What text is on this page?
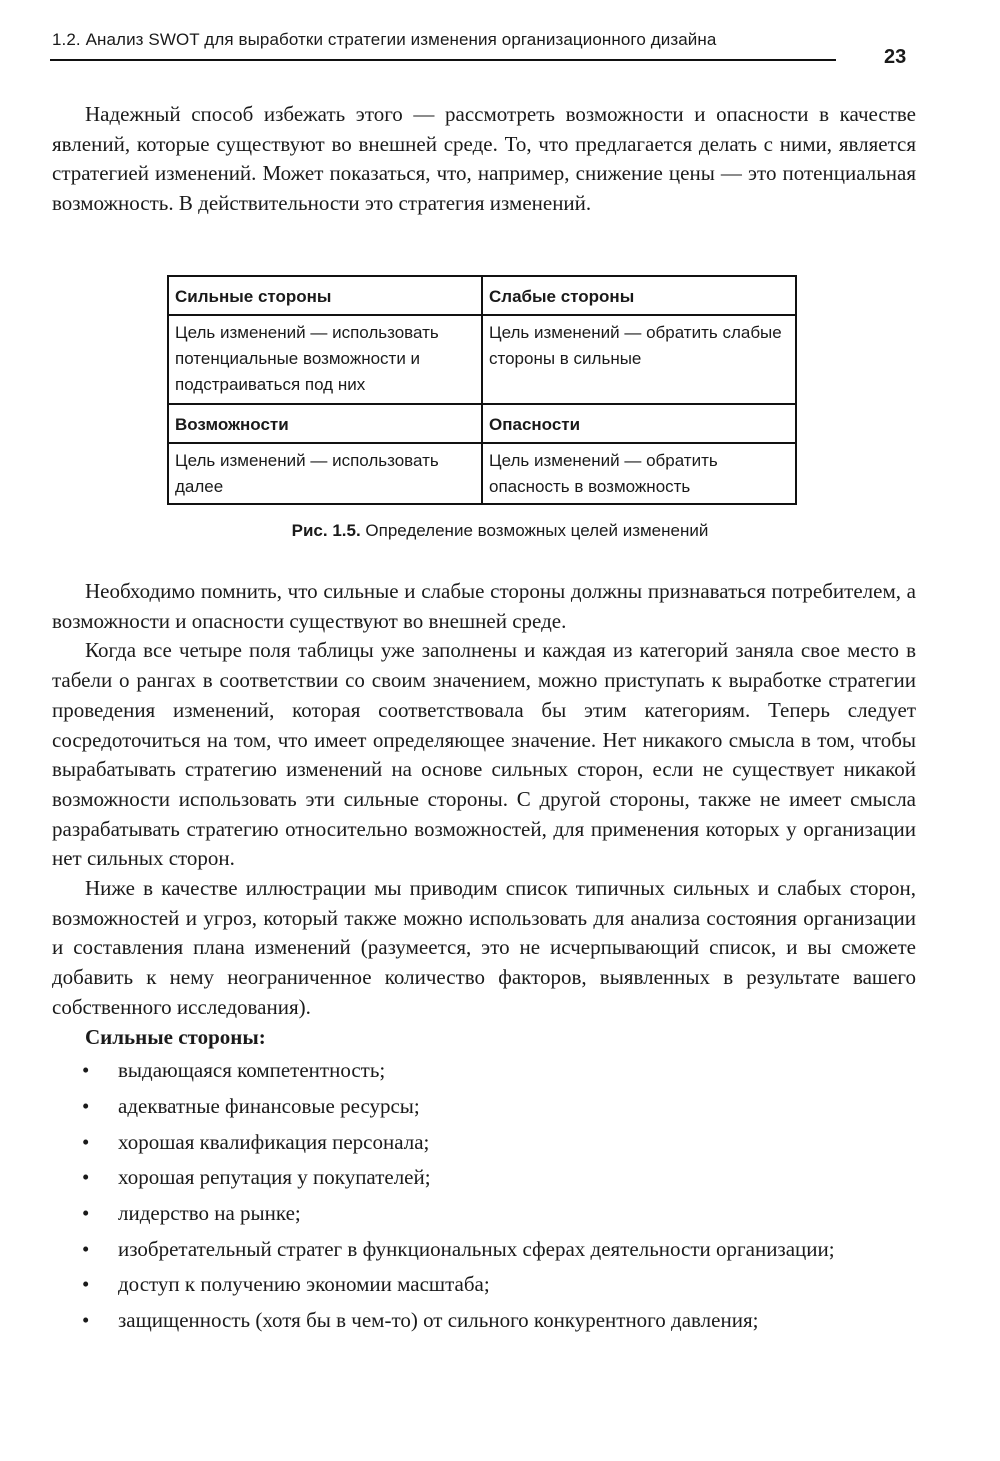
1.2. Анализ SWOT для выработки стратегии изменения организационного дизайна
23

Надежный способ избежать этого — рассмотреть возможности и опасности в качестве явлений, которые существуют во внешней среде. То, что предлагается делать с ними, является стратегией изменений. Может показаться, что, например, снижение цены — это потенциальная возможность. В действительности это стратегия изменений.

Сильные стороны	Слабые стороны
Цель изменений — использовать потенциальные возможности и подстраиваться под них	Цель изменений — обратить слабые стороны в сильные
Возможности	Опасности
Цель изменений — использовать далее	Цель изменений — обратить опасность в возможность
Рис. 1.5. Определение возможных целей изменений

Необходимо помнить, что сильные и слабые стороны должны признаваться потребителем, а возможности и опасности существуют во внешней среде.

Когда все четыре поля таблицы уже заполнены и каждая из категорий заняла свое место в табели о рангах в соответствии со своим значением, можно приступать к выработке стратегии проведения изменений, которая соответствовала бы этим категориям. Теперь следует сосредоточиться на том, что имеет определяющее значение. Нет никакого смысла в том, чтобы вырабатывать стратегию изменений на основе сильных сторон, если не существует никакой возможности использовать эти сильные стороны. С другой стороны, также не имеет смысла разрабатывать стратегию относительно возможностей, для применения которых у организации нет сильных сторон.

Ниже в качестве иллюстрации мы приводим список типичных сильных и слабых сторон, возможностей и угроз, который также можно использовать для анализа состояния организации и составления плана изменений (разумеется, это не исчерпывающий список, и вы сможете добавить к нему неограниченное количество факторов, выявленных в результате вашего собственного исследования).

Сильные стороны:

• выдающаяся компетентность;
• адекватные финансовые ресурсы;
• хорошая квалификация персонала;
• хорошая репутация у покупателей;
• лидерство на рынке;
• изобретательный стратег в функциональных сферах деятельности организации;
• доступ к получению экономии масштаба;
• защищенность (хотя бы в чем-то) от сильного конкурентного давления;
